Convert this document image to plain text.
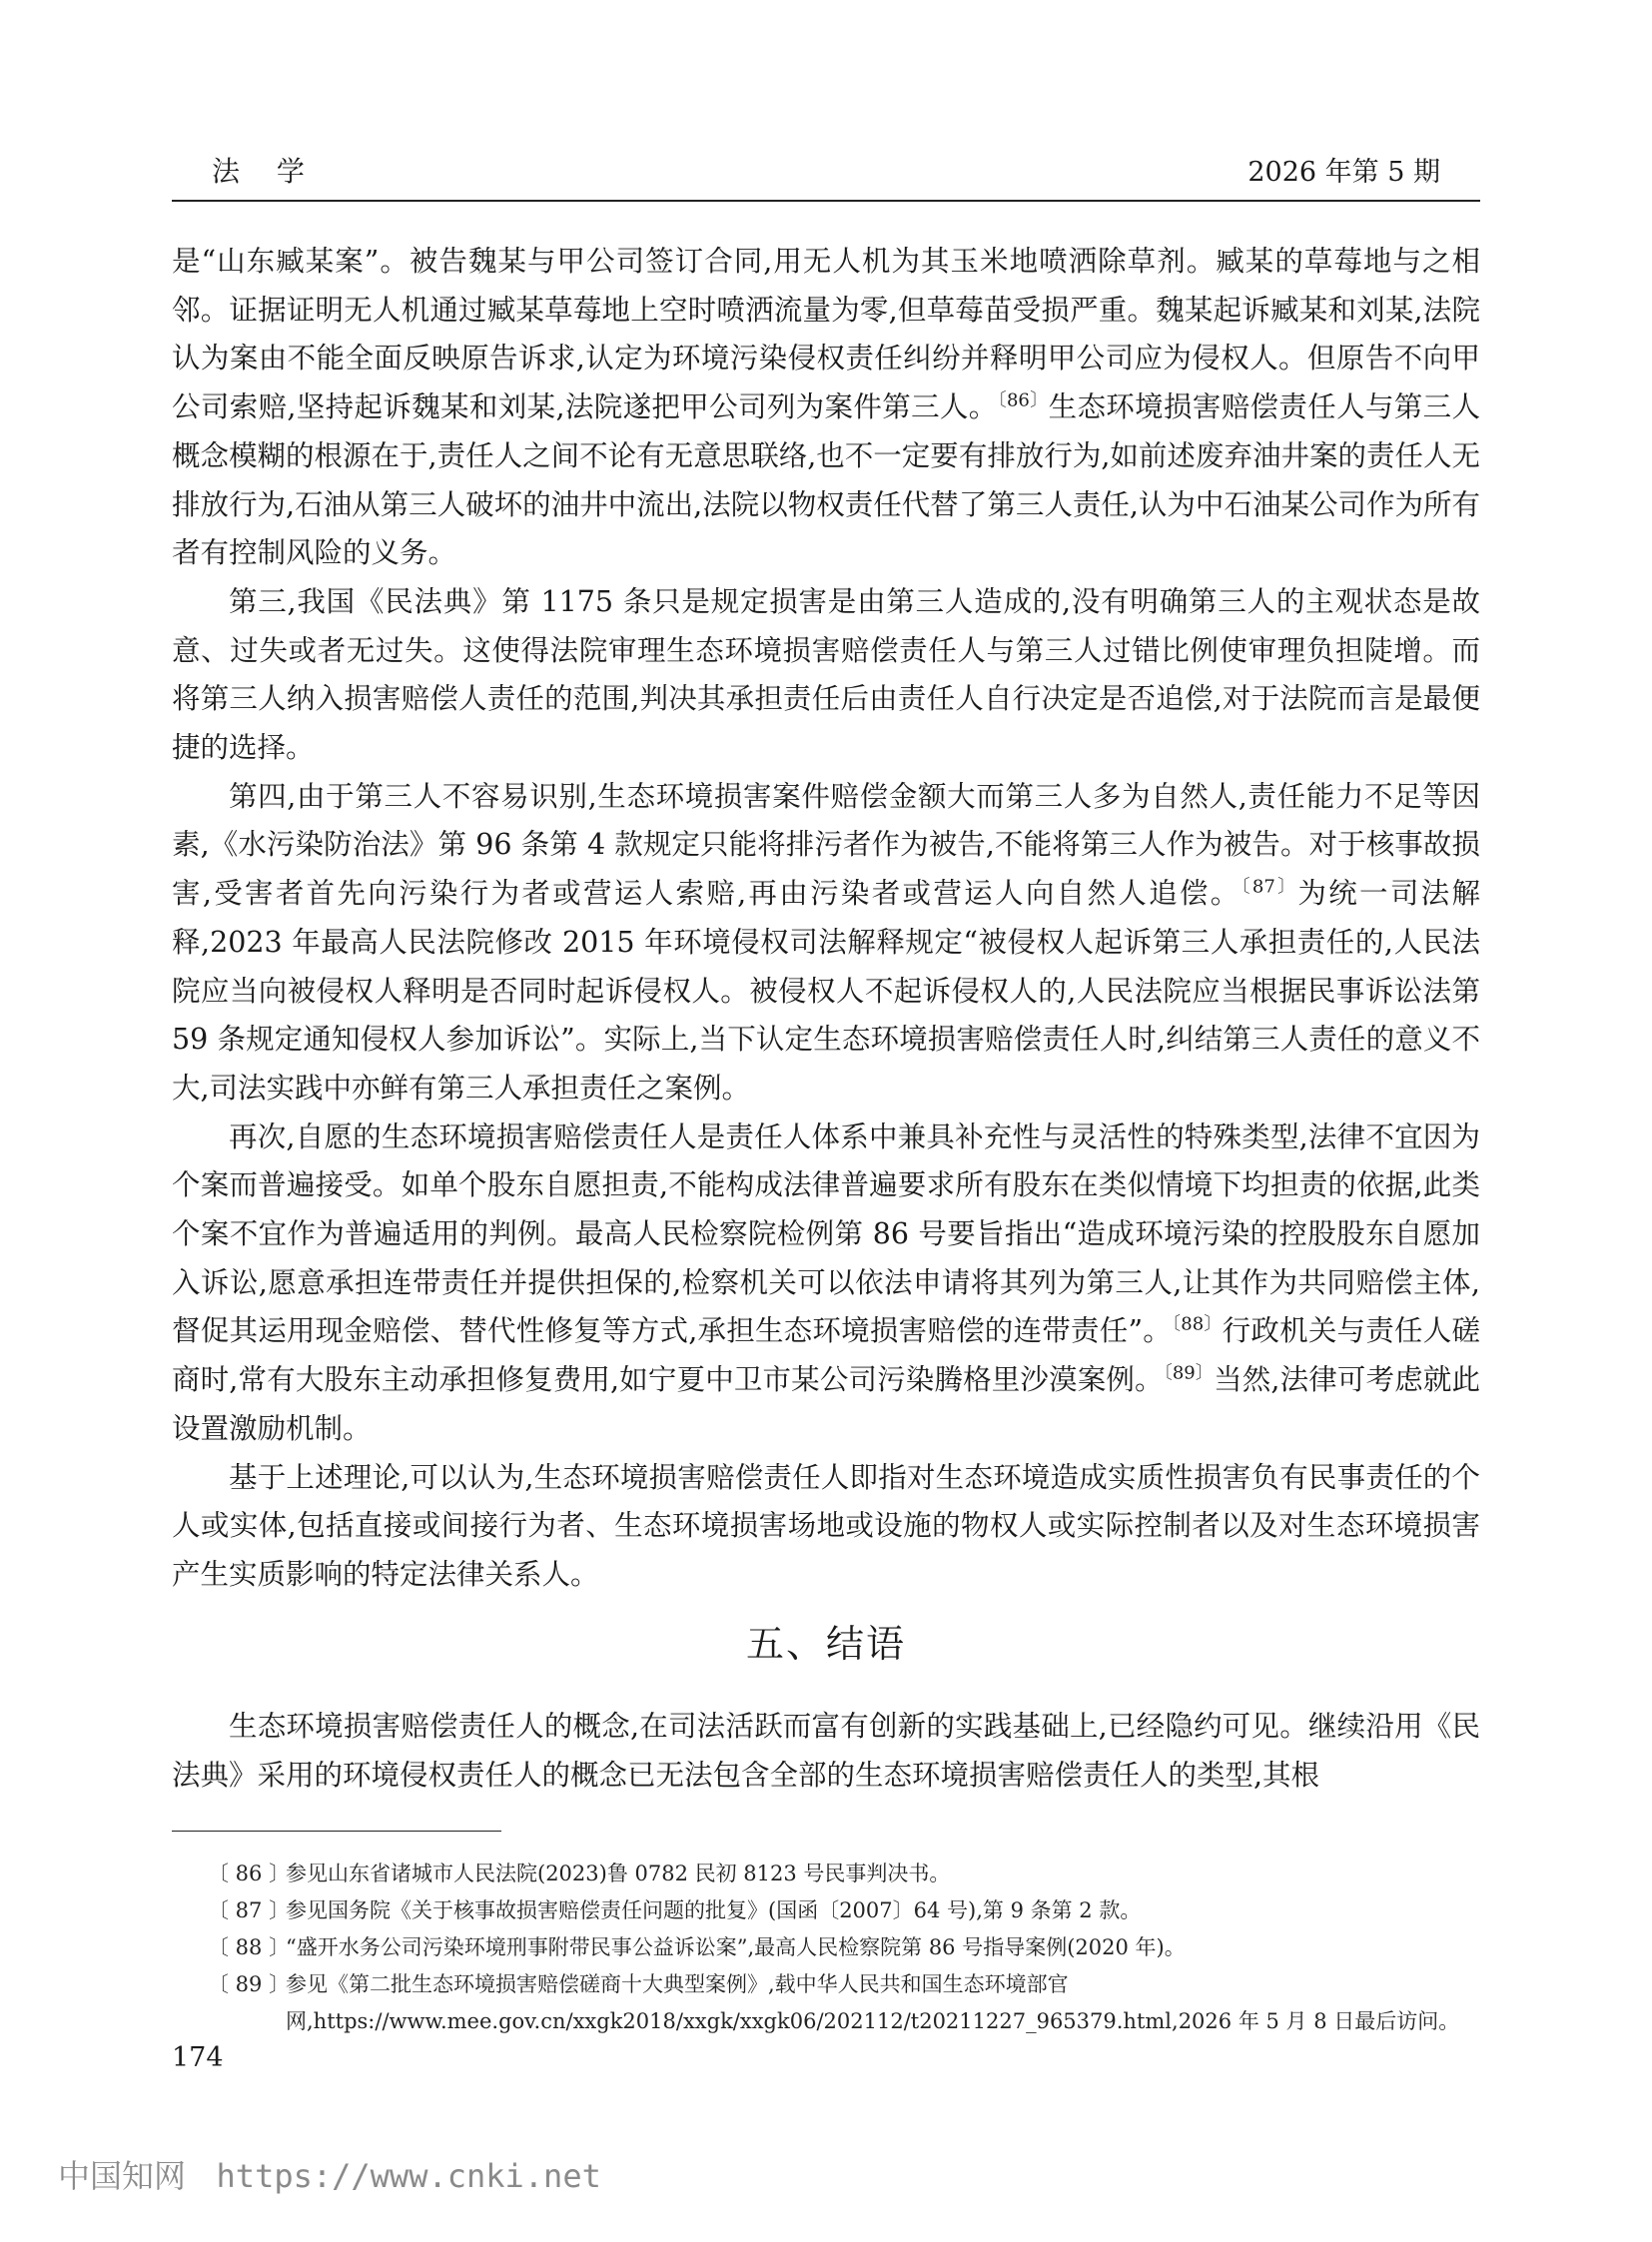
法 学	2026 年第 5 期

是“山东臧某案”。被告魏某与甲公司签订合同,用无人机为其玉米地喷洒除草剂。臧某的草莓地与之相邻。证据证明无人机通过臧某草莓地上空时喷洒流量为零,但草莓苗受损严重。魏某起诉臧某和刘某,法院认为案由不能全面反映原告诉求,认定为环境污染侵权责任纠纷并释明甲公司应为侵权人。但原告不向甲公司索赔,坚持起诉魏某和刘某,法院遂把甲公司列为案件第三人。$^{〔86〕}$生态环境损害赔偿责任人与第三人概念模糊的根源在于,责任人之间不论有无意思联络,也不一定要有排放行为,如前述废弃油井案的责任人无排放行为,石油从第三人破坏的油井中流出,法院以物权责任代替了第三人责任,认为中石油某公司作为所有者有控制风险的义务。

第三,我国《民法典》第 1175 条只是规定损害是由第三人造成的,没有明确第三人的主观状态是故意、过失或者无过失。这使得法院审理生态环境损害赔偿责任人与第三人过错比例使审理负担陡增。而将第三人纳入损害赔偿人责任的范围,判决其承担责任后由责任人自行决定是否追偿,对于法院而言是最便捷的选择。

第四,由于第三人不容易识别,生态环境损害案件赔偿金额大而第三人多为自然人,责任能力不足等因素,《水污染防治法》第 96 条第 4 款规定只能将排污者作为被告,不能将第三人作为被告。对于核事故损害,受害者首先向污染行为者或营运人索赔,再由污染者或营运人向自然人追偿。$^{〔87〕}$为统一司法解释,2023 年最高人民法院修改 2015 年环境侵权司法解释规定“被侵权人起诉第三人承担责任的,人民法院应当向被侵权人释明是否同时起诉侵权人。被侵权人不起诉侵权人的,人民法院应当根据民事诉讼法第 59 条规定通知侵权人参加诉讼”。实际上,当下认定生态环境损害赔偿责任人时,纠结第三人责任的意义不大,司法实践中亦鲜有第三人承担责任之案例。

再次,自愿的生态环境损害赔偿责任人是责任人体系中兼具补充性与灵活性的特殊类型,法律不宜因为个案而普遍接受。如单个股东自愿担责,不能构成法律普遍要求所有股东在类似情境下均担责的依据,此类个案不宜作为普遍适用的判例。最高人民检察院检例第 86 号要旨指出“造成环境污染的控股股东自愿加入诉讼,愿意承担连带责任并提供担保的,检察机关可以依法申请将其列为第三人,让其作为共同赔偿主体,督促其运用现金赔偿、替代性修复等方式,承担生态环境损害赔偿的连带责任”。$^{〔88〕}$行政机关与责任人磋商时,常有大股东主动承担修复费用,如宁夏中卫市某公司污染腾格里沙漠案例。$^{〔89〕}$当然,法律可考虑就此设置激励机制。

基于上述理论,可以认为,生态环境损害赔偿责任人即指对生态环境造成实质性损害负有民事责任的个人或实体,包括直接或间接行为者、生态环境损害场地或设施的物权人或实际控制者以及对生态环境损害产生实质影响的特定法律关系人。

五、结语

生态环境损害赔偿责任人的概念,在司法活跃而富有创新的实践基础上,已经隐约可见。继续沿用《民法典》采用的环境侵权责任人的概念已无法包含全部的生态环境损害赔偿责任人的类型,其根

〔 86 〕
参见山东省诸城市人民法院(2023)鲁 0782 民初 8123 号民事判决书。
〔 87 〕
参见国务院《关于核事故损害赔偿责任问题的批复》(国函〔2007〕64 号),第 9 条第 2 款。
〔 88 〕
“盛开水务公司污染环境刑事附带民事公益诉讼案”,最高人民检察院第 86 号指导案例(2020 年)。
〔 89 〕
参见《第二批生态环境损害赔偿磋商十大典型案例》,载中华人民共和国生态环境部官网,https://www.mee.gov.cn/xxgk2018/xxgk/xxgk06/202112/t20211227_965379.html,2026 年 5 月 8 日最后访问。
174
中国知网 https://www.cnki.net
